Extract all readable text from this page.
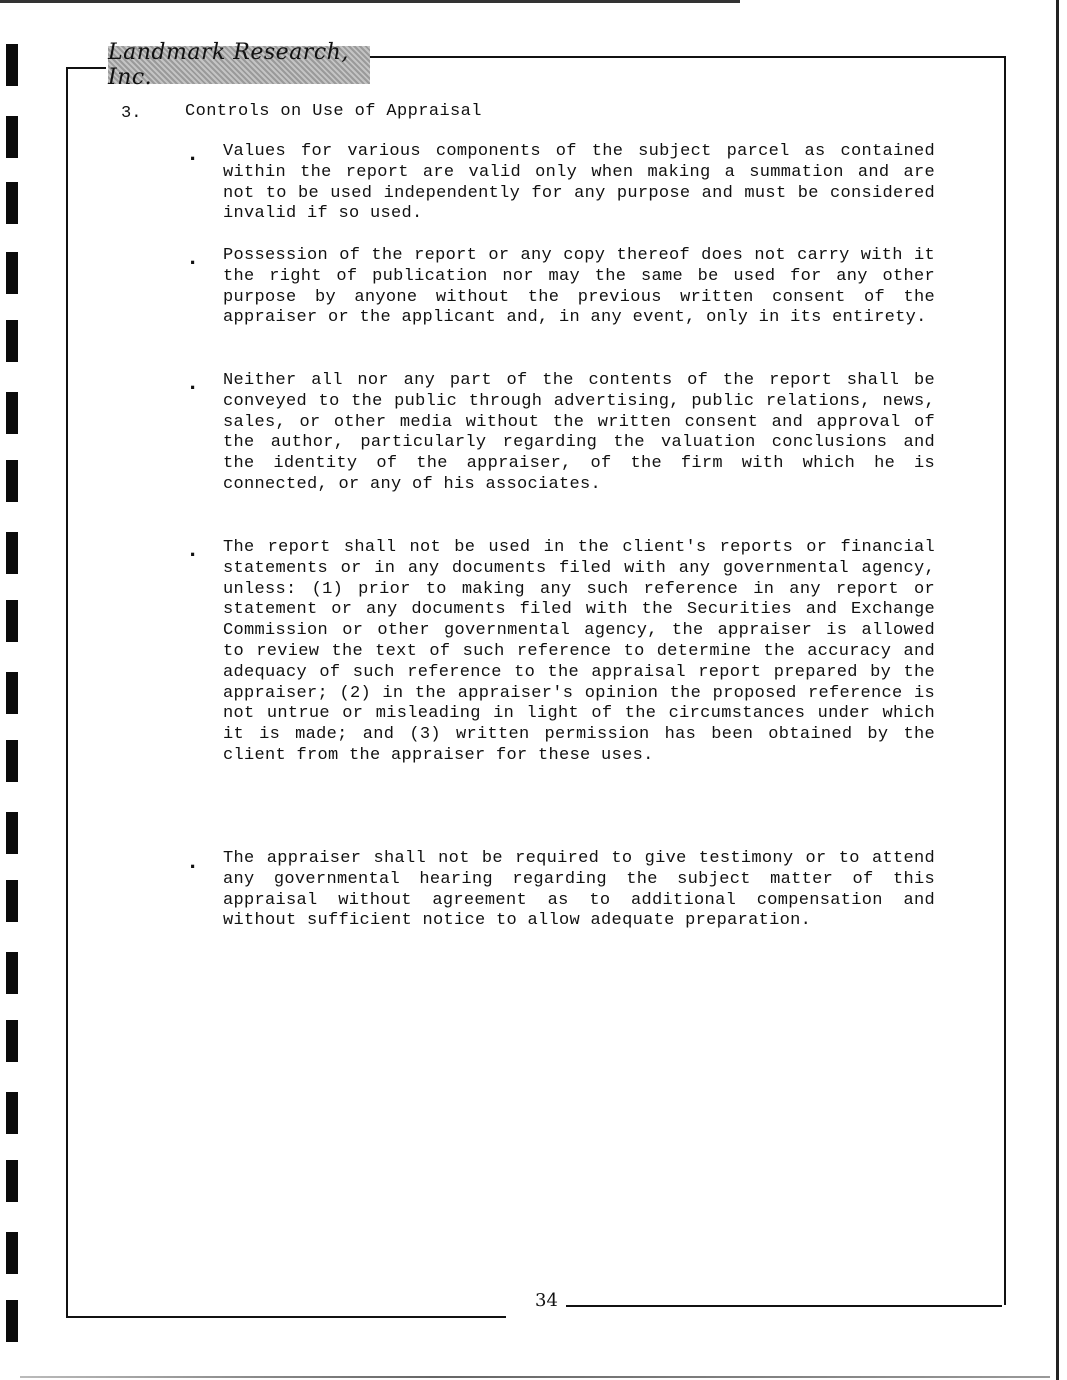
Landmark Research, Inc.
3.	Controls on Use of Appraisal
. Values for various components of the subject parcel as contained within the report are valid only when making a summation and are not to be used independently for any purpose and must be considered invalid if so used.

. Possession of the report or any copy thereof does not carry with it the right of publication nor may the same be used for any other purpose by anyone without the previous written consent of the appraiser or the applicant and, in any event, only in its entirety.

. Neither all nor any part of the contents of the report shall be conveyed to the public through advertising, public relations, news, sales, or other media without the written consent and approval of the author, particularly regarding the valuation conclusions and the identity of the appraiser, of the firm with which he is connected, or any of his associates.

. The report shall not be used in the client's reports or financial statements or in any documents filed with any governmental agency, unless: (1) prior to making any such reference in any report or statement or any documents filed with the Securities and Exchange Commission or other governmental agency, the appraiser is allowed to review the text of such reference to determine the accuracy and adequacy of such reference to the appraisal report prepared by the appraiser; (2) in the appraiser's opinion the proposed reference is not untrue or misleading in light of the circumstances under which it is made; and (3) written permission has been obtained by the client from the appraiser for these uses.

. The appraiser shall not be required to give testimony or to attend any governmental hearing regarding the subject matter of this appraisal without agreement as to additional compensation and without sufficient notice to allow adequate preparation.

34
